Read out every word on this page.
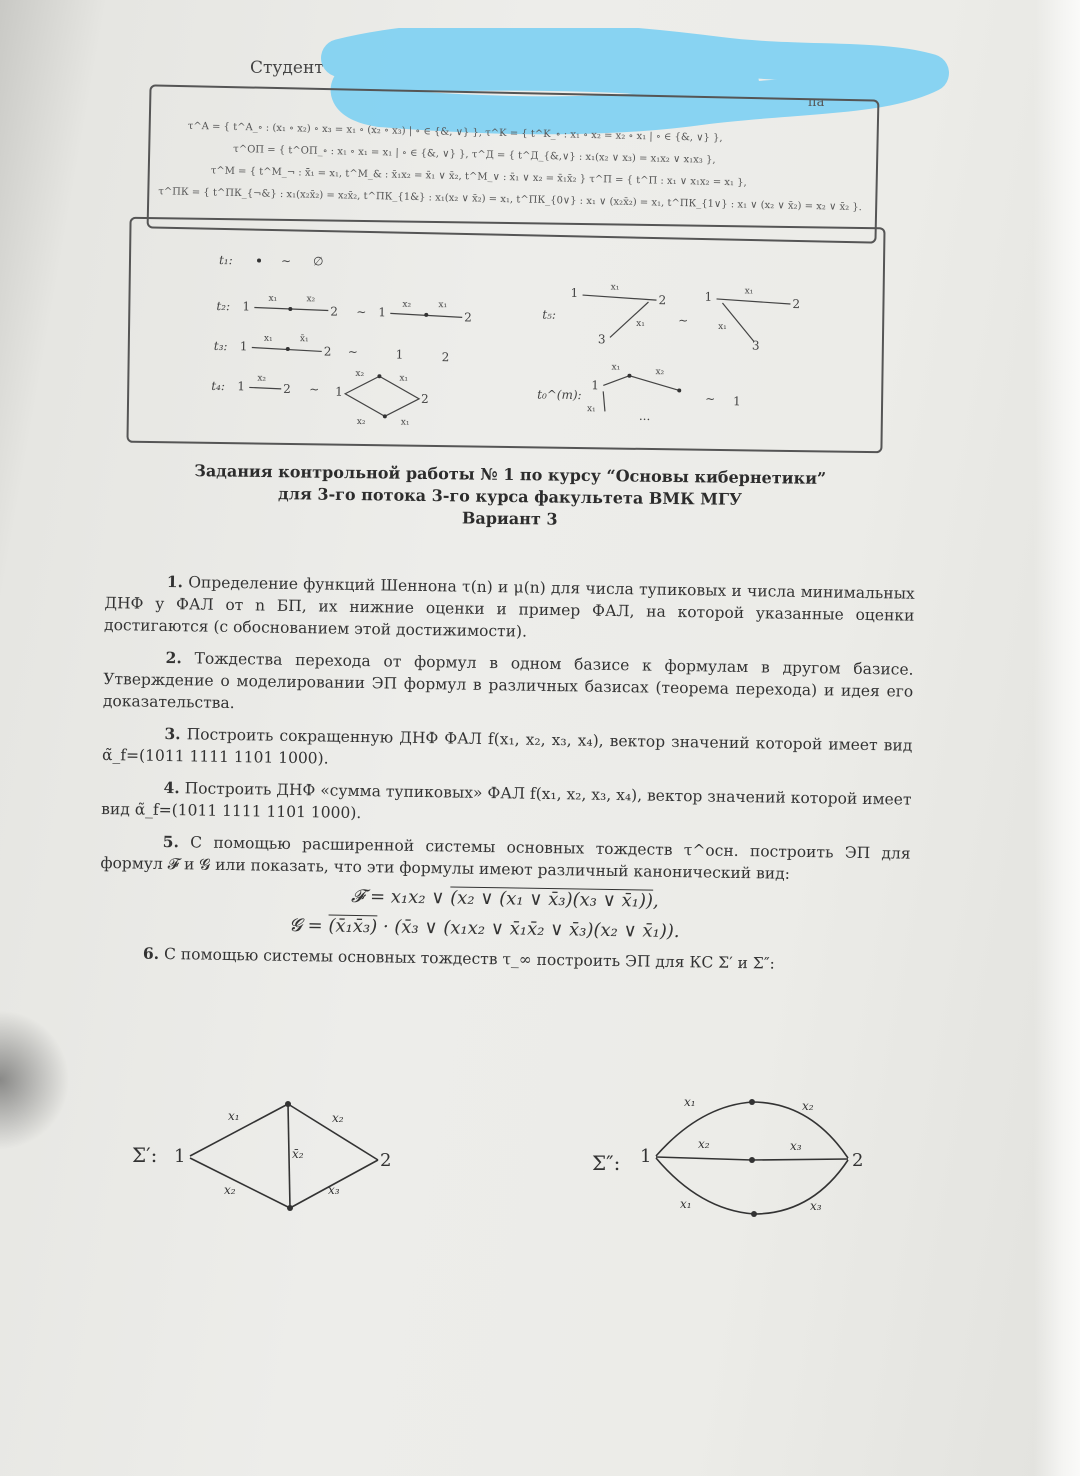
Студент
па
τ^A = { t^A_∘ : (x₁ ∘ x₂) ∘ x₃ = x₁ ∘ (x₂ ∘ x₃) | ∘ ∈ {&, ∨} }, τ^K = { t^K_∘ : x₁ ∘ x₂ = x₂ ∘ x₁ | ∘ ∈ {&, ∨} },
τ^ОП = { t^ОП_∘ : x₁ ∘ x₁ = x₁ | ∘ ∈ {&, ∨} }, τ^Д = { t^Д_{&,∨} : x₁(x₂ ∨ x₃) = x₁x₂ ∨ x₁x₃ },
τ^M = { t^M_¬ : x̄̄₁ = x₁, t^M_& : x̄₁x₂ = x̄₁ ∨ x̄₂, t^M_∨ : x̄₁ ∨ x₂ = x̄₁x̄₂ } τ^П = { t^П : x₁ ∨ x₁x₂ = x₁ },
τ^ПК = { t^ПК_{¬&} : x₁(x₂x̄₂) = x₂x̄₂, t^ПК_{1&} : x₁(x₂ ∨ x̄₂) = x₁, t^ПК_{0∨} : x₁ ∨ (x₂x̄₂) = x₁, t^ПК_{1∨} : x₁ ∨ (x₂ ∨ x̄₂) = x₂ ∨ x̄₂ }.
t₁:	~ ∅
t₂: 1
x₁	x₂
2 ~ 1
x₂	x₁
2
t₃: 1
x₁	x̄₁
2 ~	1	2
t₄: 1
x₂
2 ~ 1
x₂	x₁
x₂	x₁
2
t₅:
1	x₁
2
x₁
3
~
1	x₁
2
x₁
3
t₀^(m):
1
x₁	x₂
x₁	...
~ 1
Задания контрольной работы № 1 по курсу “Основы кибернетики”
для 3-го потока 3-го курса факультета ВМК МГУ
Вариант 3
1. Определение функций Шеннона τ(n) и μ(n) для числа тупиковых и числа минимальных ДНФ у ФАЛ от n БП, их нижние оценки и пример ФАЛ, на которой указанные оценки достигаются (с обоснованием этой достижимости).
2. Тождества перехода от формул в одном базисе к формулам в другом базисе. Утверждение о моделировании ЭП формул в различных базисах (теорема перехода) и идея его доказательства.
3. Построить сокращенную ДНФ ФАЛ f(x₁, x₂, x₃, x₄), вектор значений которой имеет вид α̃_f=(1011 1111 1101 1000).
4. Построить ДНФ «сумма тупиковых» ФАЛ f(x₁, x₂, x₃, x₄), вектор значений которой имеет вид α̃_f=(1011 1111 1101 1000).
5. С помощью расширенной системы основных тождеств τ^осн. построить ЭП для формул 𝓕 и 𝓖 или показать, что эти формулы имеют различный канонический вид:
𝓕 = x₁x₂ ∨ (x₂ ∨ (x₁ ∨ x̄₃)(x₃ ∨ x̄₁)),
𝓖 = (x̄₁x̄₃) · (x̄₃ ∨ (x₁x₂ ∨ x̄₁x̄₂ ∨ x̄₃)(x₂ ∨ x̄₁)).
6. С помощью системы основных тождеств τ_∞ построить ЭП для КС Σ′ и Σ″:
Σ′: 1
x₁	x₂
x̄₂
x₂	x₃
2	Σ″: 1
x₁	x₂
x₂	x₃
x₁	x₃
2
